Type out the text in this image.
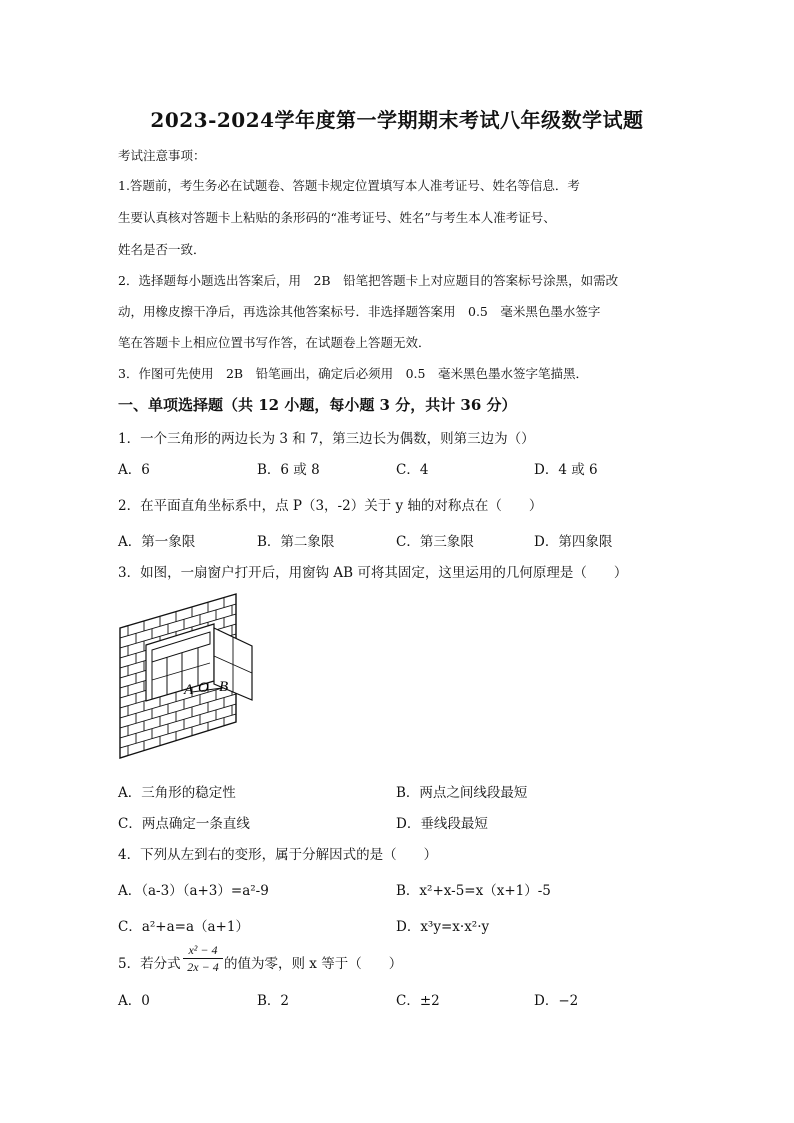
2023-2024学年度第一学期期末考试八年级数学试题
考试注意事项：
1.答题前，考生务必在试题卷、答题卡规定位置填写本人准考证号、姓名等信息．考
生要认真核对答题卡上粘贴的条形码的“准考证号、姓名”与考生本人准考证号、
姓名是否一致．
2．选择题每小题选出答案后，用　2B　铅笔把答题卡上对应题目的答案标号涂黑，如需改
动，用橡皮擦干净后，再选涂其他答案标号．非选择题答案用　0.5　毫米黑色墨水签字
笔在答题卡上相应位置书写作答，在试题卷上答题无效．
3．作图可先使用　2B　铅笔画出，确定后必须用　0.5　毫米黑色墨水签字笔描黑．
一、单项选择题（共 12 小题，每小题 3 分，共计 36 分）
1．一个三角形的两边长为 3 和 7，第三边长为偶数，则第三边为（）
A．6	B．6 或 8	C．4	D．4 或 6
2．在平面直角坐标系中，点 P（3，-2）关于 y 轴的对称点在（　　）
A．第一象限	B．第二象限	C．第三象限	D．第四象限
3．如图，一扇窗户打开后，用窗钩 AB 可将其固定，这里运用的几何原理是（　　）
A O B
A．三角形的稳定性	B．两点之间线段最短
C．两点确定一条直线	D．垂线段最短
4．下列从左到右的变形，属于分解因式的是（　　）
A．（a-3）（a+3）=a²-9	B．x²+x-5=x（x+1）-5
C．a²+a=a（a+1）	D．x³y=x·x²·y
5．若分式 $\frac{\text{x² − 4}}{2x - 4}$ 的值为零，则 x 等于（　　）
A．0	B．2	C．±2	D．−2
